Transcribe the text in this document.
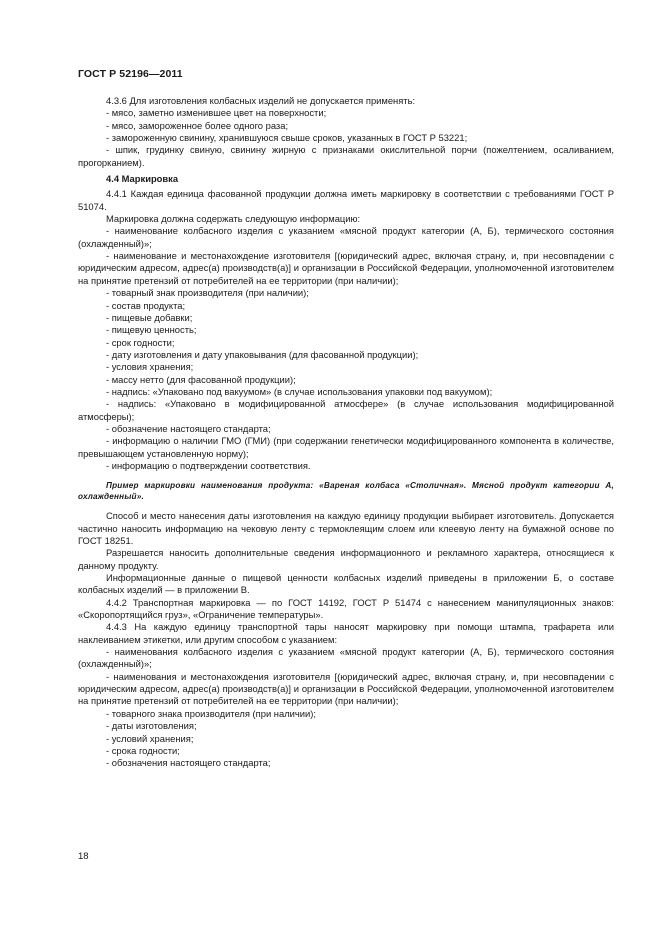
ГОСТ Р 52196—2011

4.3.6 Для изготовления колбасных изделий не допускается применять:

- мясо, заметно изменившее цвет на поверхности;

- мясо, замороженное более одного раза;

- замороженную свинину, хранившуюся свыше сроков, указанных в ГОСТ Р 53221;

- шпик, грудинку свиную, свинину жирную с признаками окислительной порчи (пожелтением, осаливанием, прогорканием).

4.4 Маркировка

4.4.1 Каждая единица фасованной продукции должна иметь маркировку в соответствии с требованиями ГОСТ Р 51074.

Маркировка должна содержать следующую информацию:

- наименование колбасного изделия с указанием «мясной продукт категории (А, Б), термического состояния (охлажденный)»;

- наименование и местонахождение изготовителя [(юридический адрес, включая страну, и, при несовпадении с юридическим адресом, адрес(а) производств(а)] и организации в Российской Федерации, уполномоченной изготовителем на принятие претензий от потребителей на ее территории (при наличии);

- товарный знак производителя (при наличии);

- состав продукта;

- пищевые добавки;

- пищевую ценность;

- срок годности;

- дату изготовления и дату упаковывания (для фасованной продукции);

- условия хранения;

- массу нетто (для фасованной продукции);

- надпись: «Упаковано под вакуумом» (в случае использования упаковки под вакуумом);

- надпись: «Упаковано в модифицированной атмосфере» (в случае использования модифицированной атмосферы);

- обозначение настоящего стандарта;

- информацию о наличии ГМО (ГМИ) (при содержании генетически модифицированного компонента в количестве, превышающем установленную норму);

- информацию о подтверждении соответствия.

Пример маркировки наименования продукта: «Вареная колбаса «Столичная». Мясной продукт категории А, охлажденный».

Способ и место нанесения даты изготовления на каждую единицу продукции выбирает изготовитель. Допускается частично наносить информацию на чековую ленту с термоклеящим слоем или клеевую ленту на бумажной основе по ГОСТ 18251.

Разрешается наносить дополнительные сведения информационного и рекламного характера, относящиеся к данному продукту.

Информационные данные о пищевой ценности колбасных изделий приведены в приложении Б, о составе колбасных изделий — в приложении В.

4.4.2 Транспортная маркировка — по ГОСТ 14192, ГОСТ Р 51474 с нанесением манипуляционных знаков: «Скоропортящийся груз», «Ограничение температуры».

4.4.3 На каждую единицу транспортной тары наносят маркировку при помощи штампа, трафарета или наклеиванием этикетки, или другим способом с указанием:

- наименования колбасного изделия с указанием «мясной продукт категории (А, Б), термического состояния (охлажденный)»;

- наименования и местонахождения изготовителя [(юридический адрес, включая страну, и, при несовпадении с юридическим адресом, адрес(а) производств(а)] и организации в Российской Федерации, уполномоченной изготовителем на принятие претензий от потребителей на ее территории (при наличии);

- товарного знака производителя (при наличии);

- даты изготовления;

- условий хранения;

- срока годности;

- обозначения настоящего стандарта;

18
